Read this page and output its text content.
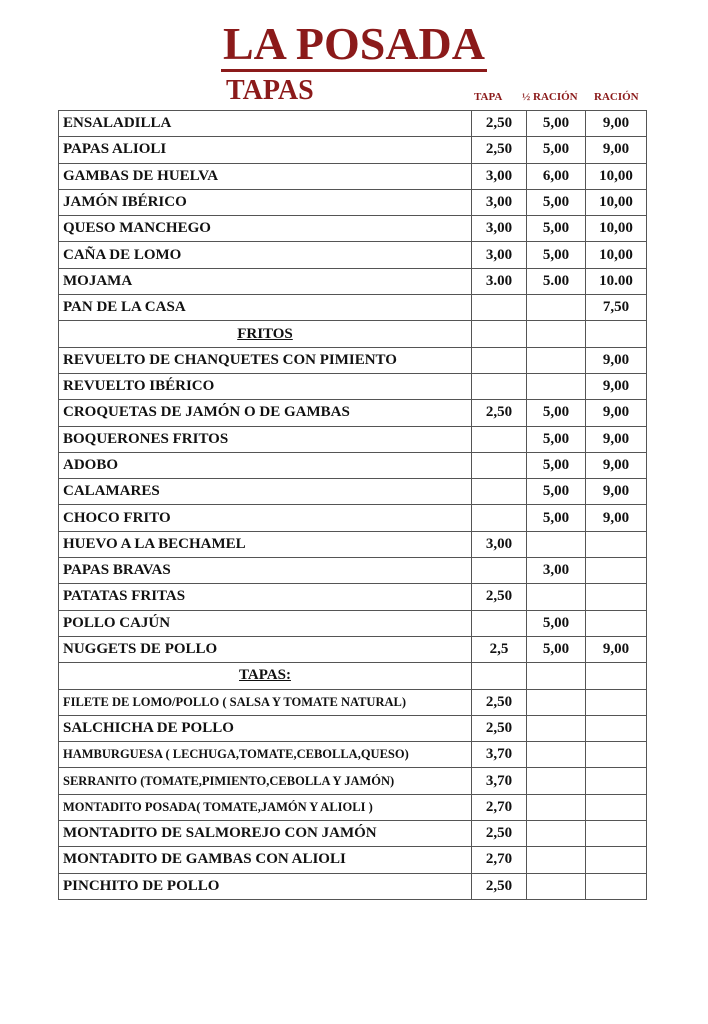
LA POSADA
TAPAS	TAPA ½ RACIÓN RACIÓN
ENSALADILLA	2,50	5,00	9,00
PAPAS ALIOLI	2,50	5,00	9,00
GAMBAS DE HUELVA	3,00	6,00	10,00
JAMÓN IBÉRICO	3,00	5,00	10,00
QUESO MANCHEGO	3,00	5,00	10,00
CAÑA DE LOMO	3,00	5,00	10,00
MOJAMA	3.00	5.00	10.00
PAN DE LA CASA			7,50
FRITOS			
REVUELTO DE CHANQUETES CON PIMIENTO			9,00
REVUELTO IBÉRICO			9,00
CROQUETAS DE JAMÓN O DE GAMBAS	2,50	5,00	9,00
BOQUERONES FRITOS		5,00	9,00
ADOBO		5,00	9,00
CALAMARES		5,00	9,00
CHOCO FRITO		5,00	9,00
HUEVO A LA BECHAMEL	3,00		
PAPAS BRAVAS		3,00	
PATATAS FRITAS	2,50		
POLLO CAJÚN		5,00	
NUGGETS DE POLLO	2,5	5,00	9,00
TAPAS:			
FILETE DE LOMO/POLLO ( SALSA Y TOMATE NATURAL)	2,50		
SALCHICHA DE POLLO	2,50		
HAMBURGUESA ( LECHUGA,TOMATE,CEBOLLA,QUESO)	3,70		
SERRANITO (TOMATE,PIMIENTO,CEBOLLA Y JAMÓN)	3,70		
MONTADITO POSADA( TOMATE,JAMÓN Y ALIOLI )	2,70		
MONTADITO DE SALMOREJO CON JAMÓN	2,50		
MONTADITO DE GAMBAS CON ALIOLI	2,70		
PINCHITO DE POLLO	2,50		
